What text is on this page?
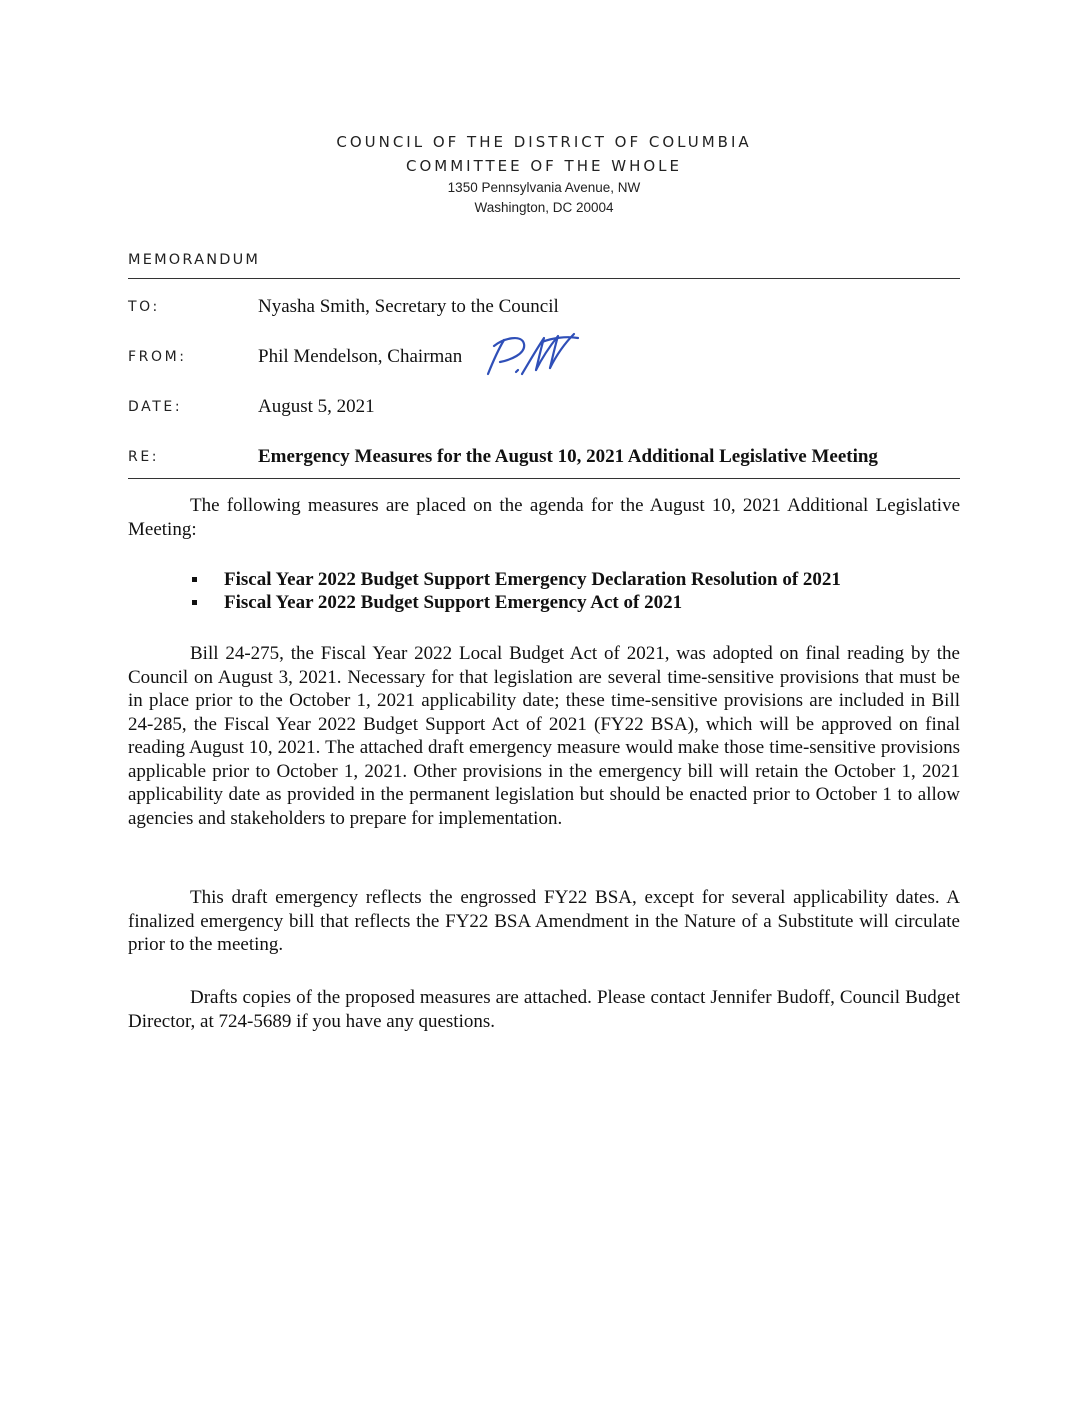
COUNCIL OF THE DISTRICT OF COLUMBIA
COMMITTEE OF THE WHOLE
1350 Pennsylvania Avenue, NW
Washington, DC 20004
MEMORANDUM
TO:	Nyasha Smith, Secretary to the Council
FROM:	Phil Mendelson, Chairman
DATE:	August 5, 2021
RE:	Emergency Measures for the August 10, 2021 Additional Legislative Meeting
The following measures are placed on the agenda for the August 10, 2021 Additional Legislative Meeting:
Fiscal Year 2022 Budget Support Emergency Declaration Resolution of 2021
Fiscal Year 2022 Budget Support Emergency Act of 2021
Bill 24-275, the Fiscal Year 2022 Local Budget Act of 2021, was adopted on final reading by the Council on August 3, 2021. Necessary for that legislation are several time-sensitive provisions that must be in place prior to the October 1, 2021 applicability date; these time-sensitive provisions are included in Bill 24-285, the Fiscal Year 2022 Budget Support Act of 2021 (FY22 BSA), which will be approved on final reading August 10, 2021. The attached draft emergency measure would make those time-sensitive provisions applicable prior to October 1, 2021. Other provisions in the emergency bill will retain the October 1, 2021 applicability date as provided in the permanent legislation but should be enacted prior to October 1 to allow agencies and stakeholders to prepare for implementation.
This draft emergency reflects the engrossed FY22 BSA, except for several applicability dates. A finalized emergency bill that reflects the FY22 BSA Amendment in the Nature of a Substitute will circulate prior to the meeting.
Drafts copies of the proposed measures are attached. Please contact Jennifer Budoff, Council Budget Director, at 724-5689 if you have any questions.
